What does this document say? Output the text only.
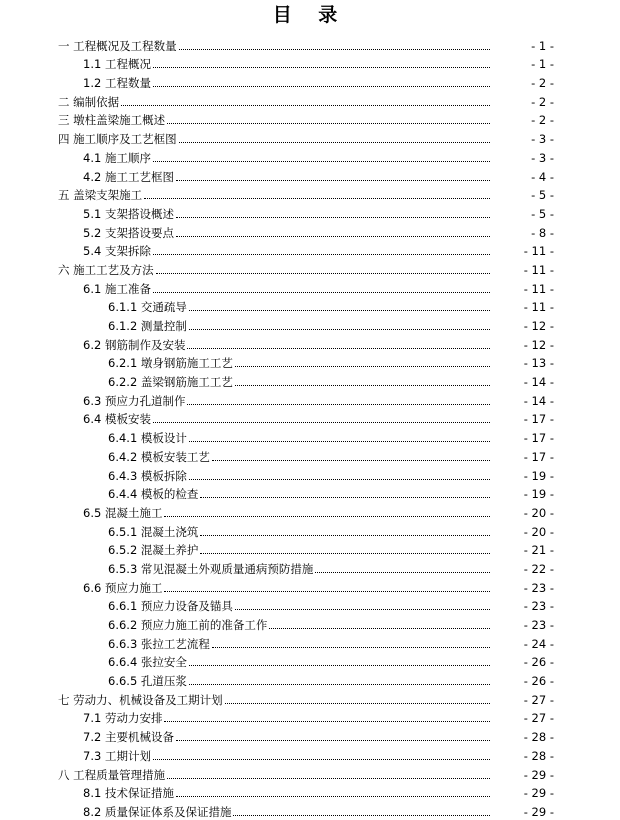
目 录
一 工程概况及工程数量	- 1 -
1.1 工程概况	- 1 -
1.2 工程数量	- 2 -
二 编制依据	- 2 -
三 墩柱盖梁施工概述	- 2 -
四 施工顺序及工艺框图	- 3 -
4.1 施工顺序	- 3 -
4.2 施工工艺框图	- 4 -
五 盖梁支架施工	- 5 -
5.1 支架搭设概述	- 5 -
5.2 支架搭设要点	- 8 -
5.4 支架拆除	- 11 -
六 施工工艺及方法	- 11 -
6.1 施工准备	- 11 -
6.1.1 交通疏导	- 11 -
6.1.2 测量控制	- 12 -
6.2 钢筋制作及安装	- 12 -
6.2.1 墩身钢筋施工工艺	- 13 -
6.2.2 盖梁钢筋施工工艺	- 14 -
6.3 预应力孔道制作	- 14 -
6.4 模板安装	- 17 -
6.4.1 模板设计	- 17 -
6.4.2 模板安装工艺	- 17 -
6.4.3 模板拆除	- 19 -
6.4.4 模板的检查	- 19 -
6.5 混凝土施工	- 20 -
6.5.1 混凝土浇筑	- 20 -
6.5.2 混凝土养护	- 21 -
6.5.3 常见混凝土外观质量通病预防措施	- 22 -
6.6 预应力施工	- 23 -
6.6.1 预应力设备及锚具	- 23 -
6.6.2 预应力施工前的准备工作	- 23 -
6.6.3 张拉工艺流程	- 24 -
6.6.4 张拉安全	- 26 -
6.6.5 孔道压浆	- 26 -
七 劳动力、机械设备及工期计划	- 27 -
7.1 劳动力安排	- 27 -
7.2 主要机械设备	- 28 -
7.3 工期计划	- 28 -
八 工程质量管理措施	- 29 -
8.1 技术保证措施	- 29 -
8.2 质量保证体系及保证措施	- 29 -
